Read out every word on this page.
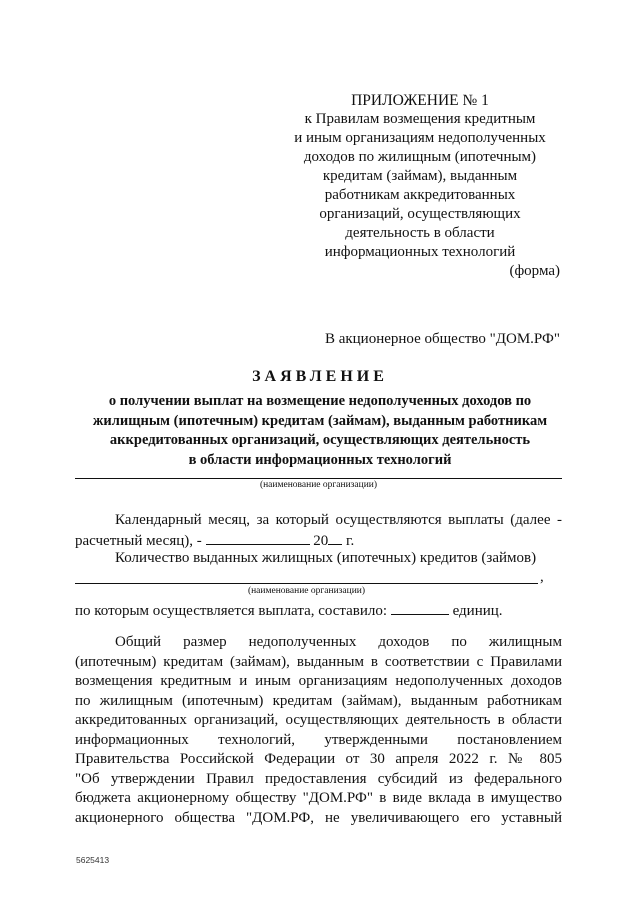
ПРИЛОЖЕНИЕ № 1
к Правилам возмещения кредитным
и иным организациям недополученных
доходов по жилищным (ипотечным)
кредитам (займам), выданным
работникам аккредитованных
организаций, осуществляющих
деятельность в области
информационных технологий
(форма)
В акционерное общество "ДОМ.РФ"
ЗАЯВЛЕНИЕ
о получении выплат на возмещение недополученных доходов по
жилищным (ипотечным) кредитам (займам), выданным работникам
аккредитованных организаций, осуществляющих деятельность
в области информационных технологий
(наименование организации)
Календарный месяц, за который осуществляются выплаты (далее -
расчетный месяц), -	20 г.
Количество выданных жилищных (ипотечных) кредитов (займов)
,
(наименование организации)
по которым осуществляется выплата, составило:	единиц.
Общий размер недополученных доходов по жилищным
(ипотечным) кредитам (займам), выданным в соответствии с Правилами
возмещения кредитным и иным организациям недополученных доходов
по жилищным (ипотечным) кредитам (займам), выданным работникам
аккредитованных организаций, осуществляющих деятельность в области
информационных технологий, утвержденными постановлением
Правительства Российской Федерации от 30 апреля 2022 г. № 805
"Об утверждении Правил предоставления субсидий из федерального
бюджета акционерному обществу "ДОМ.РФ" в виде вклада в имущество
акционерного общества "ДОМ.РФ, не увеличивающего его уставный
5625413
